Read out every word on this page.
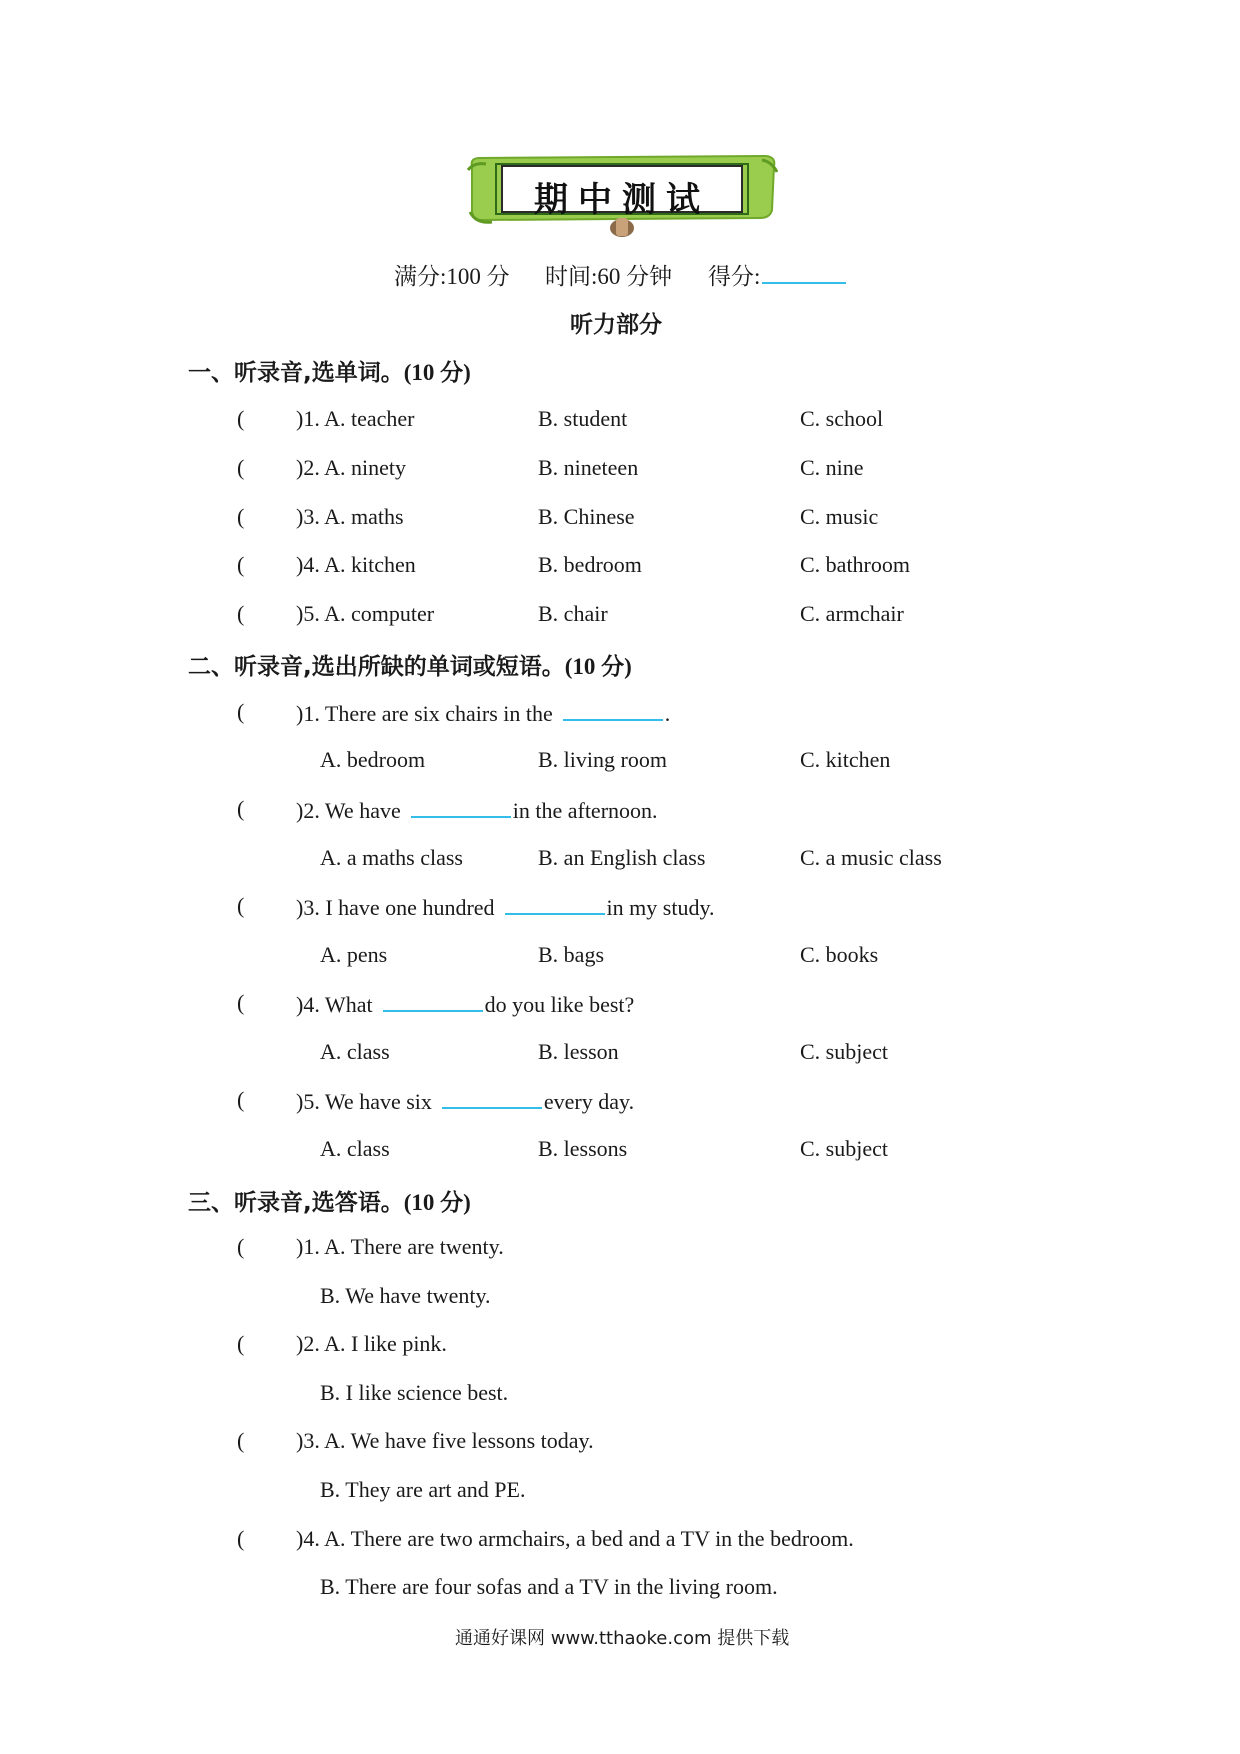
期中测试
满分:100 分 时间:60 分钟 得分:
听力部分
一、听录音,选单词。(10 分)
( )1. A. teacher	B. student	C. school
( )2. A. ninety	B. nineteen	C. nine
( )3. A. maths	B. Chinese	C. music
( )4. A. kitchen	B. bedroom	C. bathroom
( )5. A. computer	B. chair	C. armchair
二、听录音,选出所缺的单词或短语。(10 分)
( )1. There are six chairs in the	.
A. bedroom	B. living room	C. kitchen
( )2. We have	in the afternoon.
A. a maths class	B. an English class	C. a music class
( )3. I have one hundred	in my study.
A. pens	B. bags	C. books
( )4. What	do you like best?
A. class	B. lesson	C. subject
( )5. We have six	every day.
A. class	B. lessons	C. subject
三、听录音,选答语。(10 分)
( )1. A. There are twenty.
B. We have twenty.
( )2. A. I like pink.
B. I like science best.
( )3. A. We have five lessons today.
B. They are art and PE.
( )4. A. There are two armchairs, a bed and a TV in the bedroom.
B. There are four sofas and a TV in the living room.
通通好课网 www.tthaoke.com 提供下载
